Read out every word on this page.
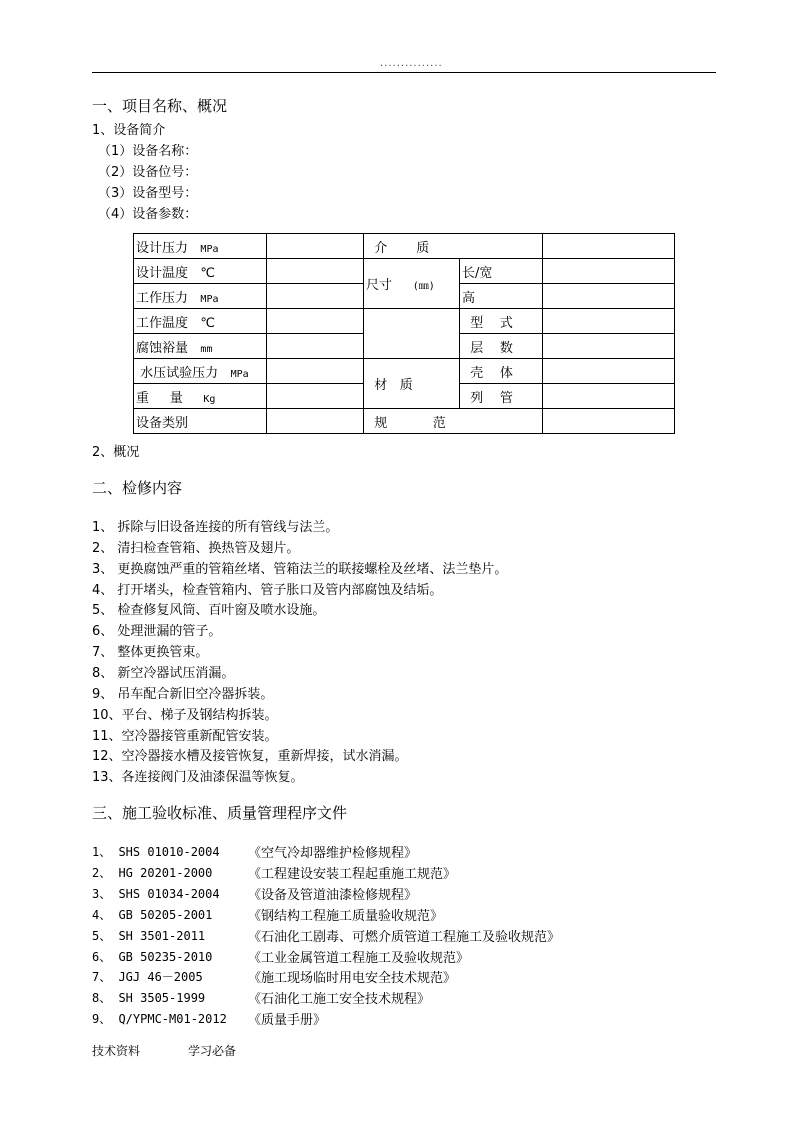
...............
一、项目名称、概况
1、设备简介
（1）设备名称：
（2）设备位号：
（3）设备型号：
（4）设备参数：
设计压力 MPa		介 质		
设计温度 ℃		尺寸 (㎜)	长/宽	
工作压力 MPa			高	
工作温度 ℃			型 式	
腐蚀裕量 mm			层 数	
水压试验压力 MPa		材 质	壳 体	
重 量 Kg			列 管	
设备类别		规 范		
2、概况
二、检修内容
1、 拆除与旧设备连接的所有管线与法兰。
2、 清扫检查管箱、换热管及翅片。
3、 更换腐蚀严重的管箱丝堵、管箱法兰的联接螺栓及丝堵、法兰垫片。
4、 打开堵头，检查管箱内、管子胀口及管内部腐蚀及结垢。
5、 检查修复风筒、百叶窗及喷水设施。
6、 处理泄漏的管子。
7、 整体更换管束。
8、 新空冷器试压消漏。
9、 吊车配合新旧空冷器拆装。
10、平台、梯子及钢结构拆装。
11、空冷器接管重新配管安装。
12、空冷器接水槽及接管恢复，重新焊接，试水消漏。
13、各连接阀门及油漆保温等恢复。
三、施工验收标准、质量管理程序文件
1、 SHS 01010-2004 《空气冷却器维护检修规程》
2、 HG 20201-2000	《工程建设安装工程起重施工规范》
3、 SHS 01034-2004 《设备及管道油漆检修规程》
4、 GB 50205-2001	《钢结构工程施工质量验收规范》
5、 SH 3501-2011	《石油化工剧毒、可燃介质管道工程施工及验收规范》
6、 GB 50235-2010	《工业金属管道工程施工及验收规范》
7、 JGJ 46－2005	《施工现场临时用电安全技术规范》
8、 SH 3505-1999	《石油化工施工安全技术规程》
9、 Q/YPMC-M01-2012 《质量手册》
技术资料	学习必备
